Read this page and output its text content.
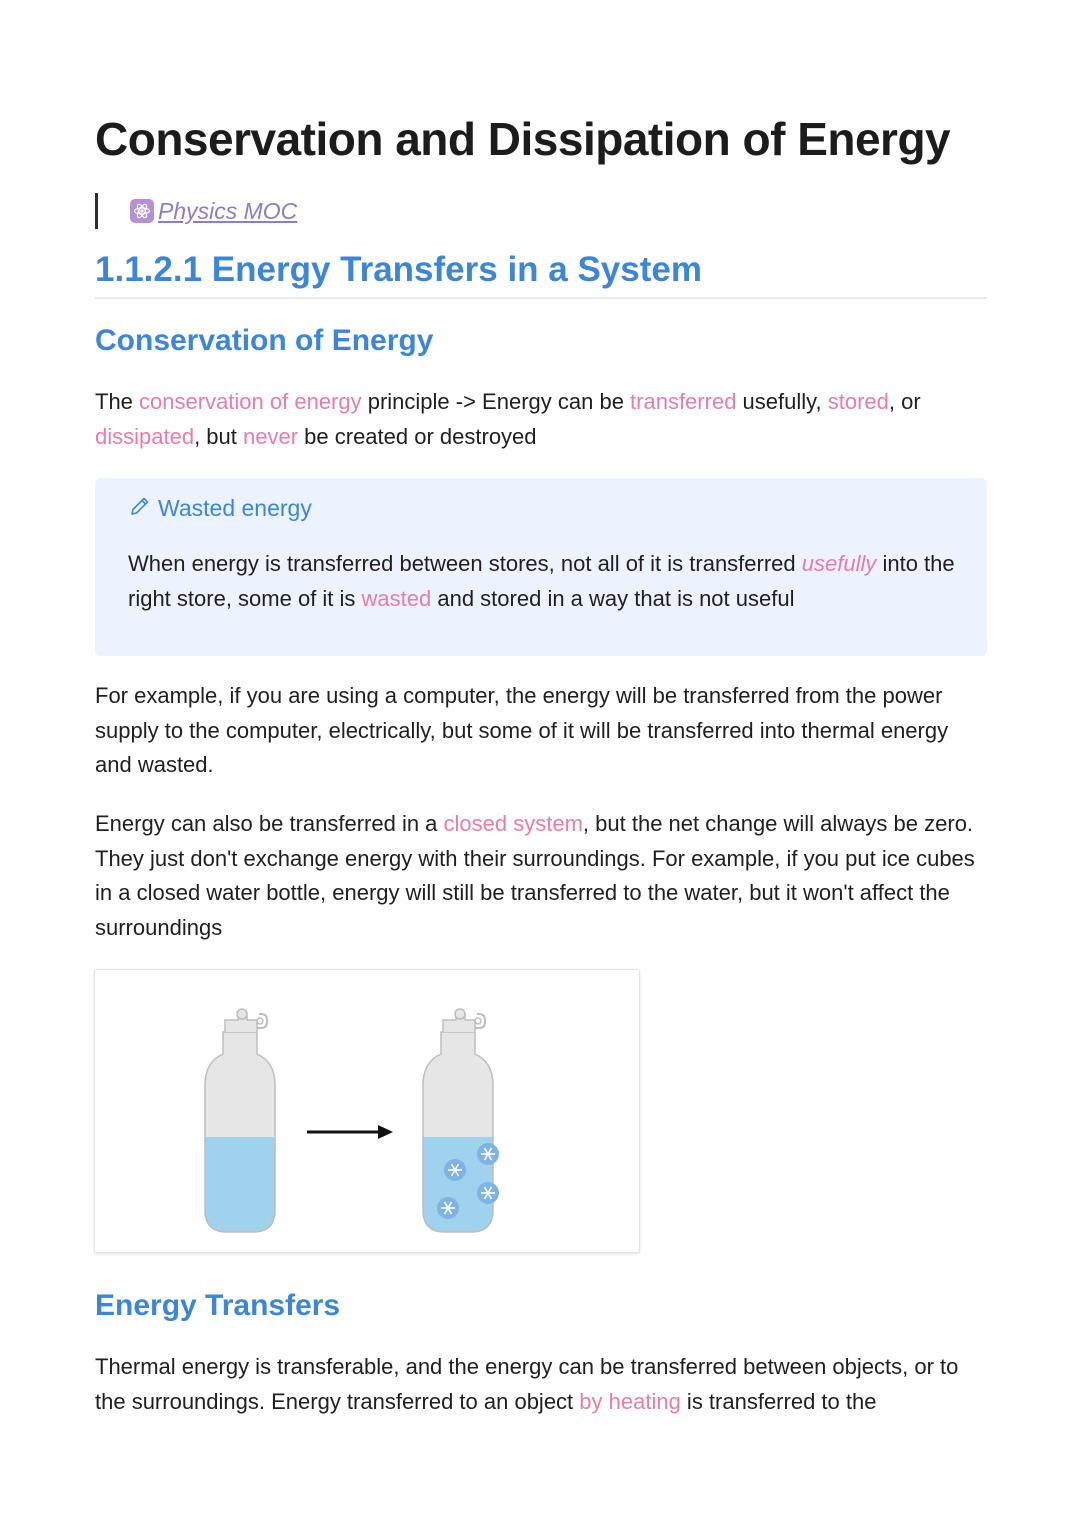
Conservation and Dissipation of Energy
Physics MOC
1.1.2.1 Energy Transfers in a System
Conservation of Energy

The conservation of energy principle -> Energy can be transferred usefully, stored, or dissipated, but never be created or destroyed

Wasted energy

When energy is transferred between stores, not all of it is transferred usefully into the right store, some of it is wasted and stored in a way that is not useful

For example, if you are using a computer, the energy will be transferred from the power supply to the computer, electrically, but some of it will be transferred into thermal energy and wasted.

Energy can also be transferred in a closed system, but the net change will always be zero. They just don't exchange energy with their surroundings. For example, if you put ice cubes in a closed water bottle, energy will still be transferred to the water, but it won't affect the surroundings

Energy Transfers

Thermal energy is transferable, and the energy can be transferred between objects, or to the surroundings. Energy transferred to an object by heating is transferred to the
